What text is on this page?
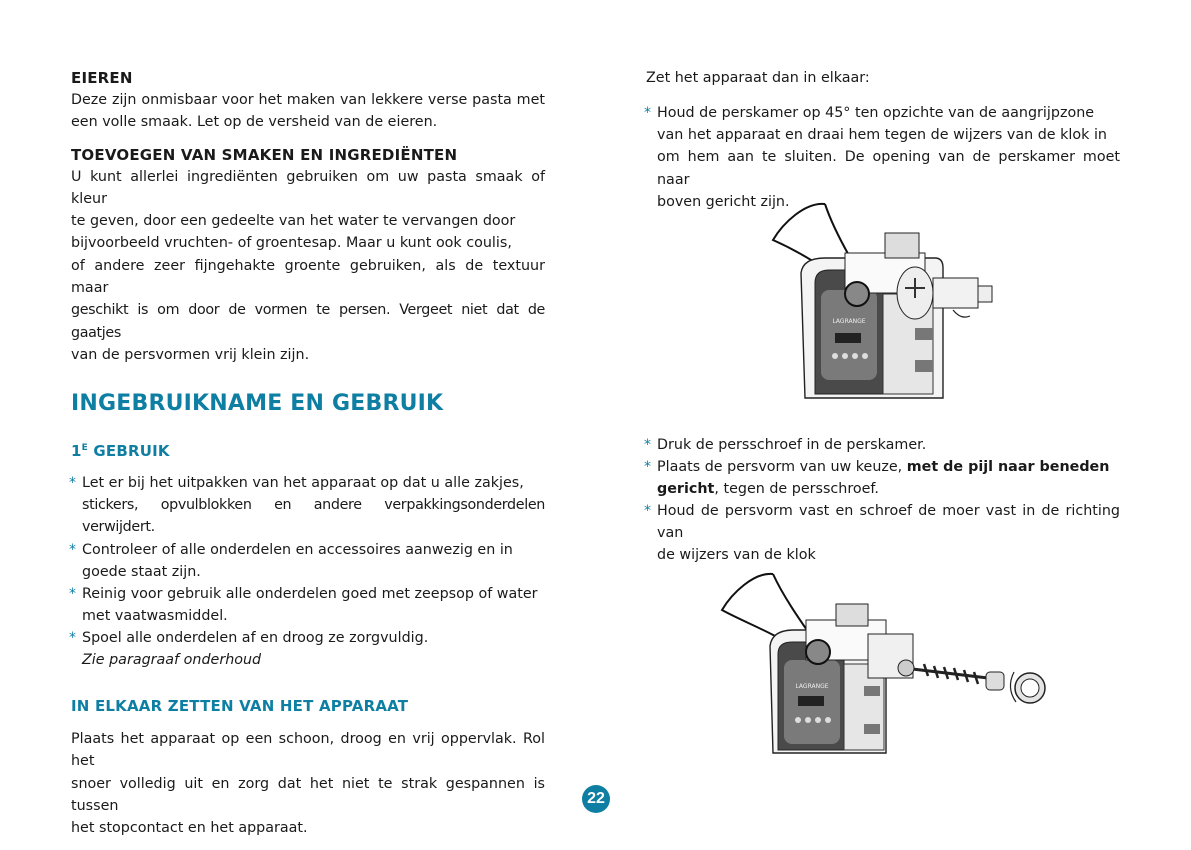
EIEREN

Deze zijn onmisbaar voor het maken van lekkere verse pasta met een volle smaak. Let op de versheid van de eieren.

TOEVOEGEN VAN SMAKEN EN INGREDIËNTEN

U kunt allerlei ingrediënten gebruiken om uw pasta smaak of kleur
te geven, door een gedeelte van het water te vervangen door
bijvoorbeeld vruchten- of groentesap. Maar u kunt ook coulis,
of andere zeer fijngehakte groente gebruiken, als de textuur maar
geschikt is om door de vormen te persen. Vergeet niet dat de gaatjes
van de persvormen vrij klein zijn.

INGEBRUIKNAME EN GEBRUIK
$1^E$ GEBRUIK
* Let er bij het uitpakken van het apparaat op dat u alle zakjes,
stickers, opvulblokken en andere verpakkingsonderdelen verwijdert.
* Controleer of alle onderdelen en accessoires aanwezig en in
goede staat zijn.
* Reinig voor gebruik alle onderdelen goed met zeepsop of water
met vaatwasmiddel.
* Spoel alle onderdelen af en droog ze zorgvuldig.
Zie paragraaf onderhoud
IN ELKAAR ZETTEN VAN HET APPARAAT

Plaats het apparaat op een schoon, droog en vrij oppervlak. Rol het
snoer volledig uit en zorg dat het niet te strak gespannen is tussen
het stopcontact en het apparaat.

Zet het apparaat dan in elkaar:

* Houd de perskamer op 45° ten opzichte van de aangrijpzone
van het apparaat en draai hem tegen de wijzers van de klok in
om hem aan te sluiten. De opening van de perskamer moet naar
boven gericht zijn.
* Druk de persschroef in de perskamer.
* Plaats de persvorm van uw keuze, met de pijl naar beneden
gericht, tegen de persschroef.
* Houd de persvorm vast en schroef de moer vast in de richting van
de wijzers van de klok
LAGRANGE
LAGRANGE
22
